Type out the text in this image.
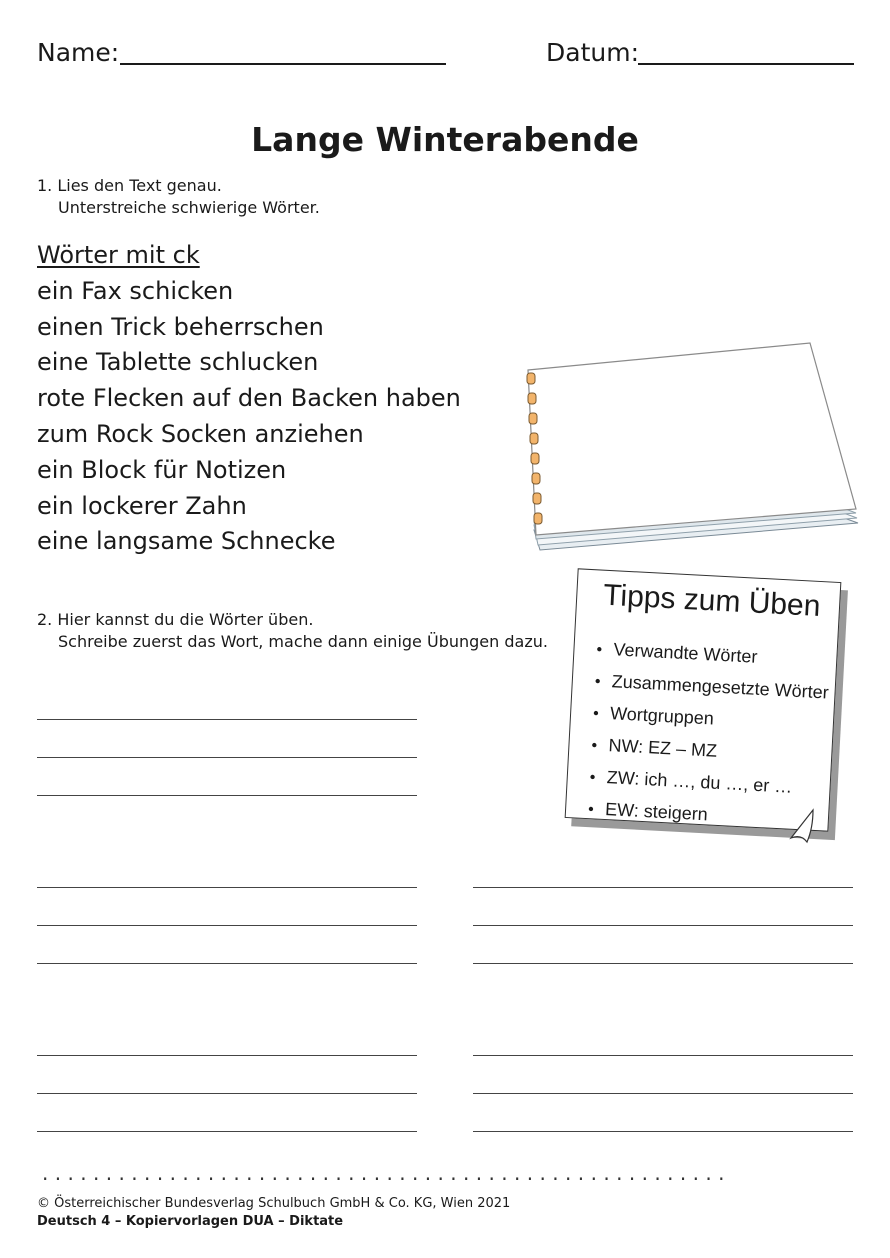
Name:	Datum:
Lange Winterabende
1. Lies den Text genau.
Unterstreiche schwierige Wörter.
Wörter mit ck
ein Fax schicken
einen Trick beherrschen
eine Tablette schlucken
rote Flecken auf den Backen haben
zum Rock Socken anziehen
ein Block für Notizen
ein lockerer Zahn
eine langsame Schnecke
2. Hier kannst du die Wörter üben.
Schreibe zuerst das Wort, mache dann einige Übungen dazu.
Tipps zum Üben
• Verwandte Wörter
• Zusammengesetzte Wörter
• Wortgruppen
• NW: EZ – MZ
• ZW: ich …, du …, er …
• EW: steigern
......................................................
© Österreichischer Bundesverlag Schulbuch GmbH & Co. KG, Wien 2021
Deutsch 4 – Kopiervorlagen DUA – Diktate
